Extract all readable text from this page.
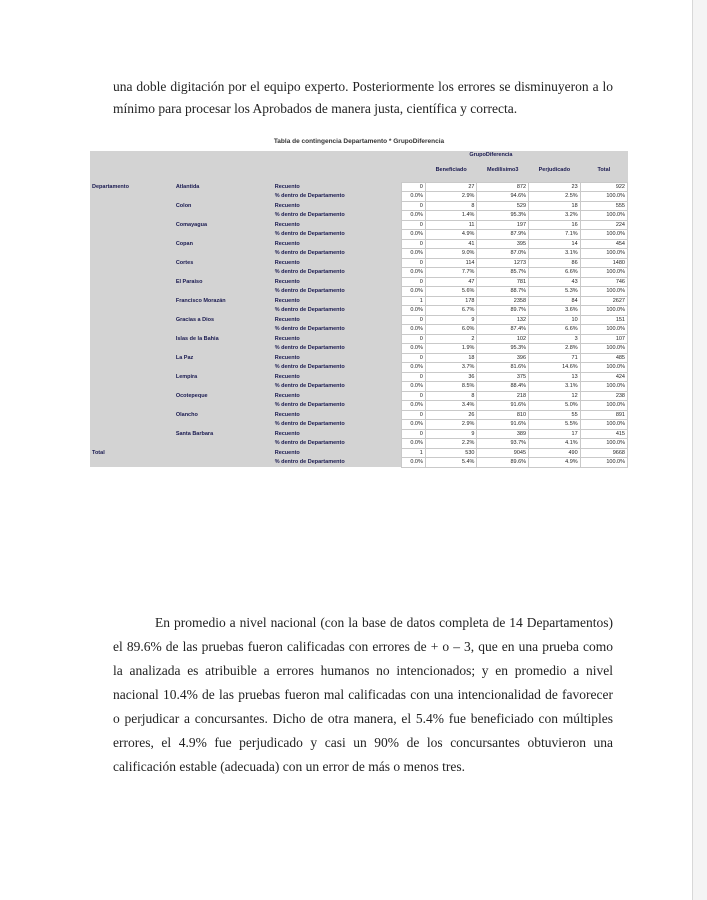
una doble digitación por el equipo experto. Posteriormente los errores se disminuyeron a lo mínimo para procesar los Aprobados de manera justa, científica y correcta.

Tabla de contingencia Departamento * GrupoDiferencia
			GrupoDiferencia				
				Beneficiado	Medilisimo3	Perjudicado	Total
Departamento	Atlantida	Recuento	0	27	872	23	922
		% dentro de Departamento	0.0%	2.9%	94.6%	2.5%	100.0%
	Colon	Recuento	0	8	529	18	555
		% dentro de Departamento	0.0%	1.4%	95.3%	3.2%	100.0%
	Comayagua	Recuento	0	11	197	16	224
		% dentro de Departamento	0.0%	4.9%	87.9%	7.1%	100.0%
	Copan	Recuento	0	41	395	14	454
		% dentro de Departamento	0.0%	9.0%	87.0%	3.1%	100.0%
	Cortes	Recuento	0	114	1273	86	1480
		% dentro de Departamento	0.0%	7.7%	85.7%	6.6%	100.0%
	El Paraiso	Recuento	0	47	781	43	746
		% dentro de Departamento	0.0%	5.6%	88.7%	5.3%	100.0%
	Francisco Morazán	Recuento	1	178	2358	84	2627
		% dentro de Departamento	0.0%	6.7%	89.7%	3.6%	100.0%
	Gracias a Dios	Recuento	0	9	132	10	151
		% dentro de Departamento	0.0%	6.0%	87.4%	6.6%	100.0%
	Islas de la Bahia	Recuento	0	2	102	3	107
		% dentro de Departamento	0.0%	1.9%	95.3%	2.8%	100.0%
	La Paz	Recuento	0	18	396	71	485
		% dentro de Departamento	0.0%	3.7%	81.6%	14.6%	100.0%
	Lempira	Recuento	0	36	375	13	424
		% dentro de Departamento	0.0%	8.5%	88.4%	3.1%	100.0%
	Ocotepeque	Recuento	0	8	218	12	238
		% dentro de Departamento	0.0%	3.4%	91.6%	5.0%	100.0%
	Olancho	Recuento	0	26	810	55	891
		% dentro de Departamento	0.0%	2.9%	91.6%	5.5%	100.0%
	Santa Barbara	Recuento	0	9	389	17	415
		% dentro de Departamento	0.0%	2.2%	93.7%	4.1%	100.0%
Total		Recuento	1	530	9045	490	9668
		% dentro de Departamento	0.0%	5.4%	89.6%	4.9%	100.0%

En promedio a nivel nacional (con la base de datos completa de 14 Departamentos) el 89.6% de las pruebas fueron calificadas con errores de + o – 3, que en una prueba como la analizada es atribuible a errores humanos no intencionados; y en promedio a nivel nacional 10.4% de las pruebas fueron mal calificadas con una intencionalidad de favorecer o perjudicar a concursantes. Dicho de otra manera, el 5.4% fue beneficiado con múltiples errores, el 4.9% fue perjudicado y casi un 90% de los concursantes obtuvieron una calificación estable (adecuada) con un error de más o menos tres.
